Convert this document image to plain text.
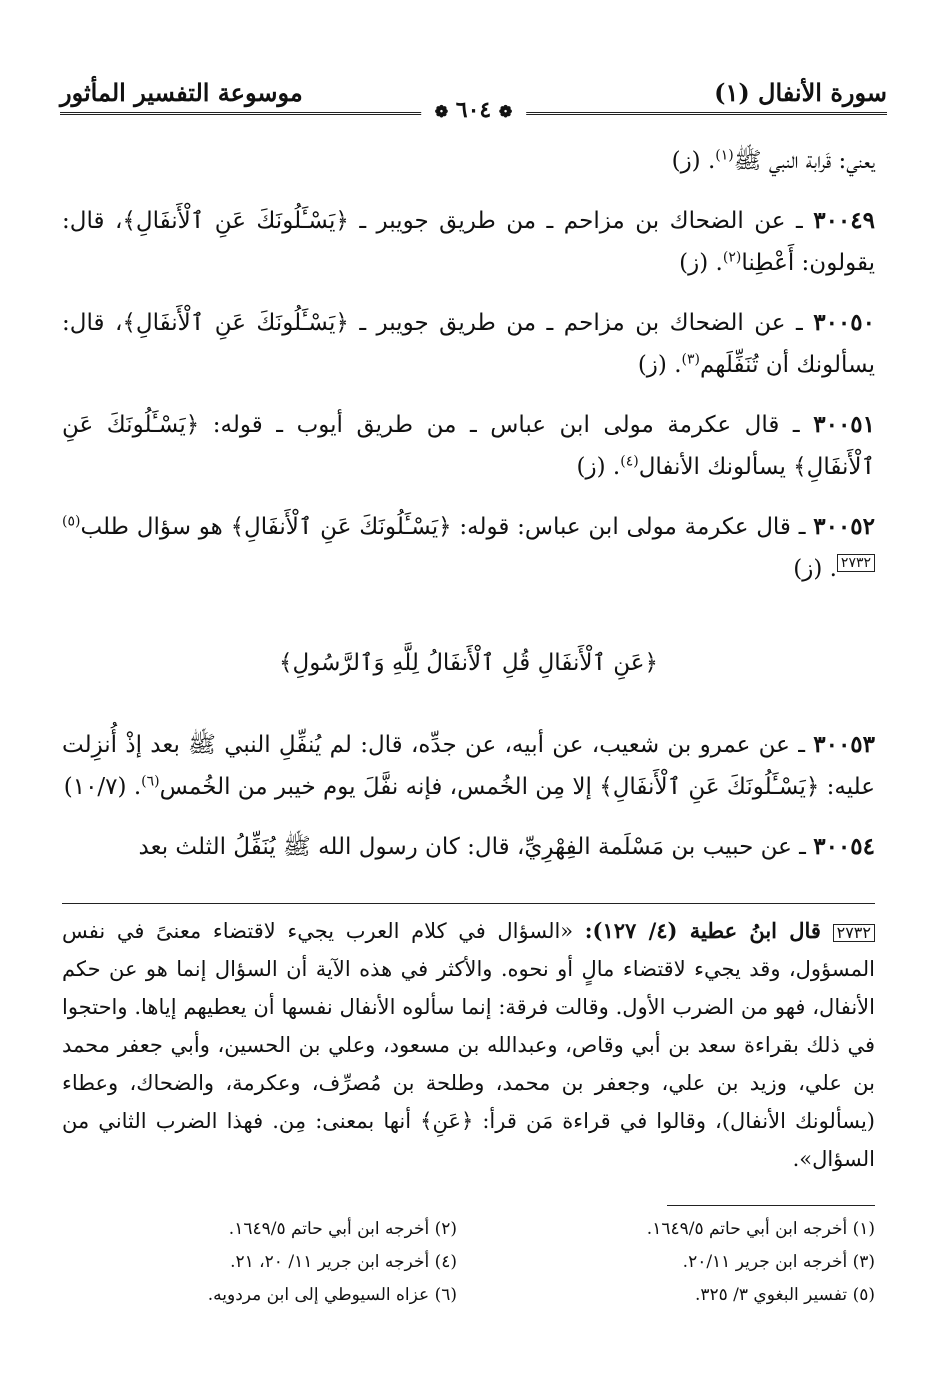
سورة الأنفال (١)
موسوعة التفسير المأثور
❁ ٦٠٤ ❁

يعني: قَرابة النبي ﷺ$^{(١)}$. (ز)

٣٠٠٤٩ ـ عن الضحاك بن مزاحم ـ من طريق جويبر ـ ﴿يَسْـَٔلُونَكَ عَنِ ٱلْأَنفَالِ﴾، قال: يقولون: أَعْطِنا$^{(٢)}$. (ز)

٣٠٠٥٠ ـ عن الضحاك بن مزاحم ـ من طريق جويبر ـ ﴿يَسْـَٔلُونَكَ عَنِ ٱلْأَنفَالِ﴾، قال: يسألونك أن تُنَفِّلَهم$^{(٣)}$. (ز)

٣٠٠٥١ ـ قال عكرمة مولى ابن عباس ـ من طريق أيوب ـ قوله: ﴿يَسْـَٔلُونَكَ عَنِ ٱلْأَنفَالِ﴾ يسألونك الأنفال$^{(٤)}$. (ز)

٣٠٠٥٢ ـ قال عكرمة مولى ابن عباس: قوله: ﴿يَسْـَٔلُونَكَ عَنِ ٱلْأَنفَالِ﴾ هو سؤال طلب$^{(٥)}$٢٧٣٢. (ز)

﴿عَنِ ٱلْأَنفَالِ قُلِ ٱلْأَنفَالُ لِلَّهِ وَٱلرَّسُولِ﴾

٣٠٠٥٣ ـ عن عمرو بن شعيب، عن أبيه، عن جدِّه، قال: لم يُنفِّلِ النبي ﷺ بعد إذْ أُنزِلت عليه: ﴿يَسْـَٔلُونَكَ عَنِ ٱلْأَنفَالِ﴾ إلا مِن الخُمس، فإنه نفَّلَ يوم خيبر من الخُمس$^{(٦)}$. (١٠/٧)

٣٠٠٥٤ ـ عن حبيب بن مَسْلَمة الفِهْرِيِّ، قال: كان رسول الله ﷺ يُنَفِّلُ الثلث بعد

٢٧٣٢ قال ابنُ عطية (٤/ ١٢٧): «السؤال في كلام العرب يجيء لاقتضاء معنىً في نفس المسؤول، وقد يجيء لاقتضاء مالٍ أو نحوه. والأكثر في هذه الآية أن السؤال إنما هو عن حكم الأنفال، فهو من الضرب الأول. وقالت فرقة: إنما سألوه الأنفال نفسها أن يعطيهم إياها. واحتجوا في ذلك بقراءة سعد بن أبي وقاص، وعبدالله بن مسعود، وعلي بن الحسين، وأبي جعفر محمد بن علي، وزيد بن علي، وجعفر بن محمد، وطلحة بن مُصرِّف، وعكرمة، والضحاك، وعطاء (يسألونك الأنفال)، وقالوا في قراءة مَن قرأ: ﴿عَنِ﴾ أنها بمعنى: مِن. فهذا الضرب الثاني من السؤال».
(١) أخرجه ابن أبي حاتم ١٦٤٩/٥.
(٣) أخرجه ابن جرير ٢٠/١١.
(٥) تفسير البغوي ٣/ ٣٢٥.
(٢) أخرجه ابن أبي حاتم ١٦٤٩/٥.
(٤) أخرجه ابن جرير ١١/ ٢٠، ٢١.
(٦) عزاه السيوطي إلى ابن مردويه.
